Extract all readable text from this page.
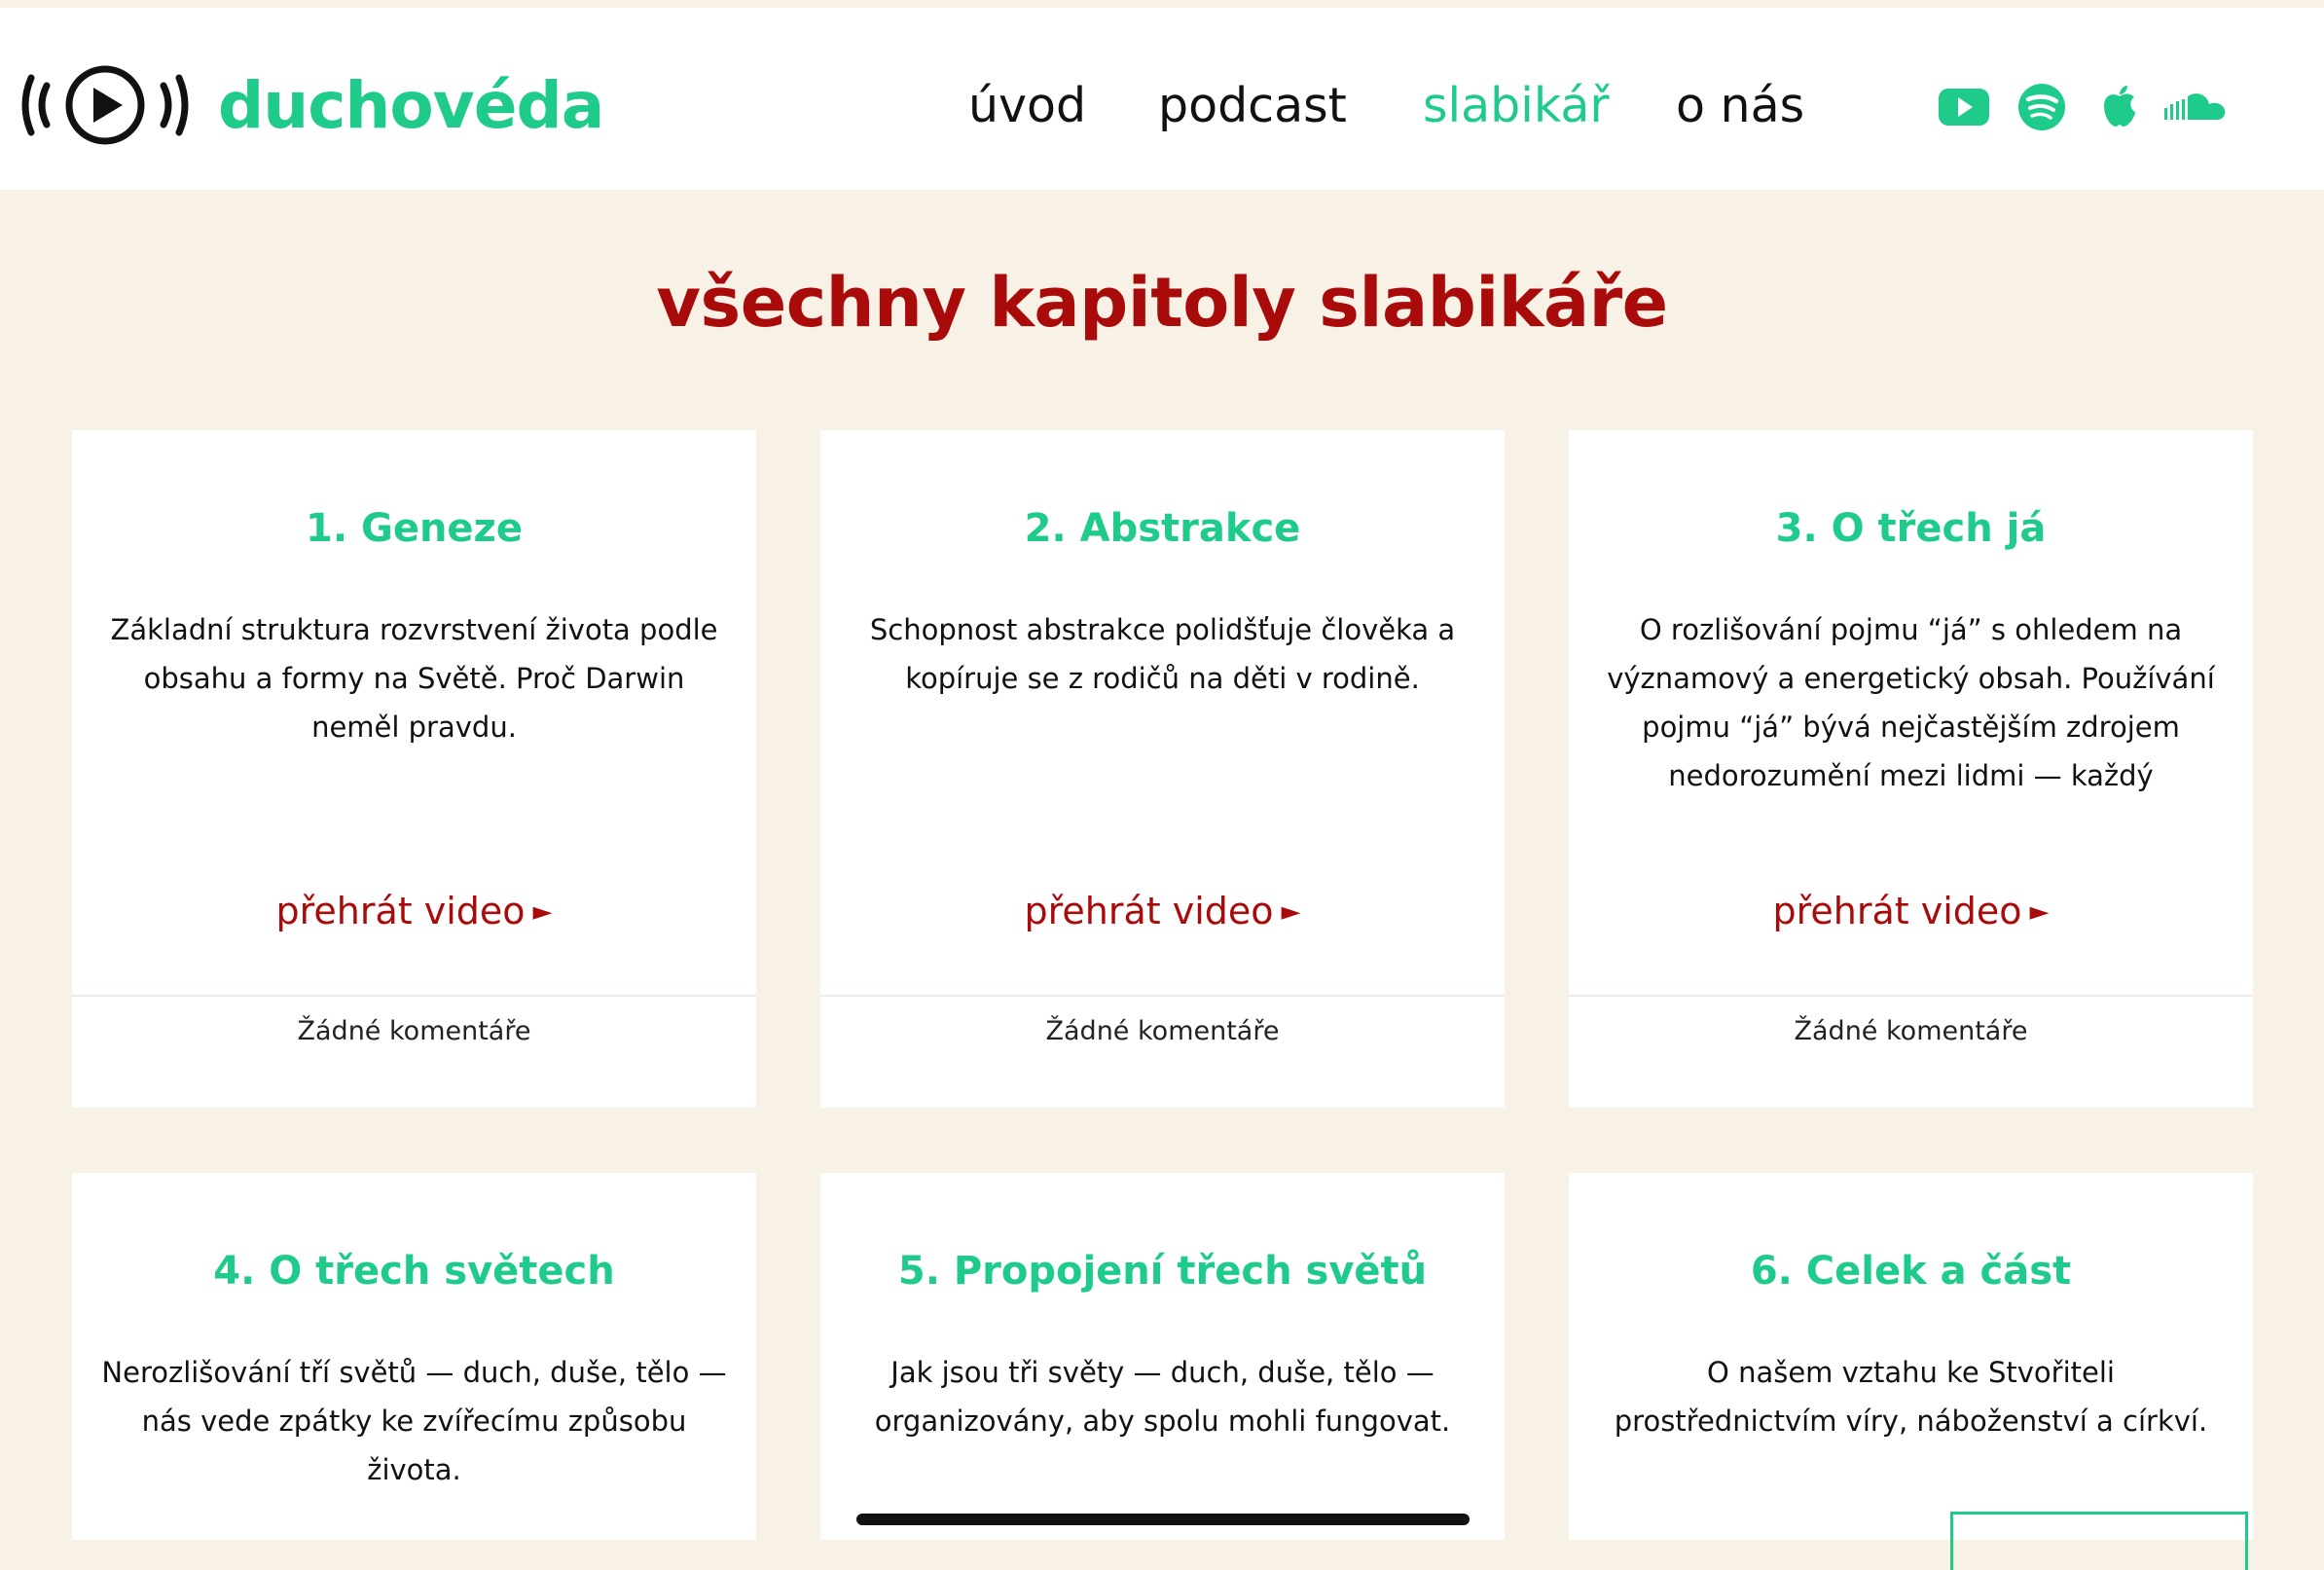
duchovéda	úvod podcast slabikář o nás
všechny kapitoly slabikáře
1. Geneze
Základní struktura rozvrstvení života podle obsahu a formy na Světě. Proč Darwin neměl pravdu.
přehrát video ►
Žádné komentáře
2. Abstrakce
Schopnost abstrakce polidšťuje člověka a kopíruje se z rodičů na děti v rodině.
přehrát video ►
Žádné komentáře
3. O třech já
O rozlišování pojmu “já” s ohledem na významový a energetický obsah. Používání pojmu “já” bývá nejčastějším zdrojem nedorozumění mezi lidmi — každý
přehrát video ►
Žádné komentáře
4. O třech světech
Nerozlišování tří světů — duch, duše, tělo — nás vede zpátky ke zvířecímu způsobu života.
5. Propojení třech světů
Jak jsou tři světy — duch, duše, tělo — organizovány, aby spolu mohli fungovat.
6. Celek a část
O našem vztahu ke Stvořiteli prostřednictvím víry, náboženství a církví.
